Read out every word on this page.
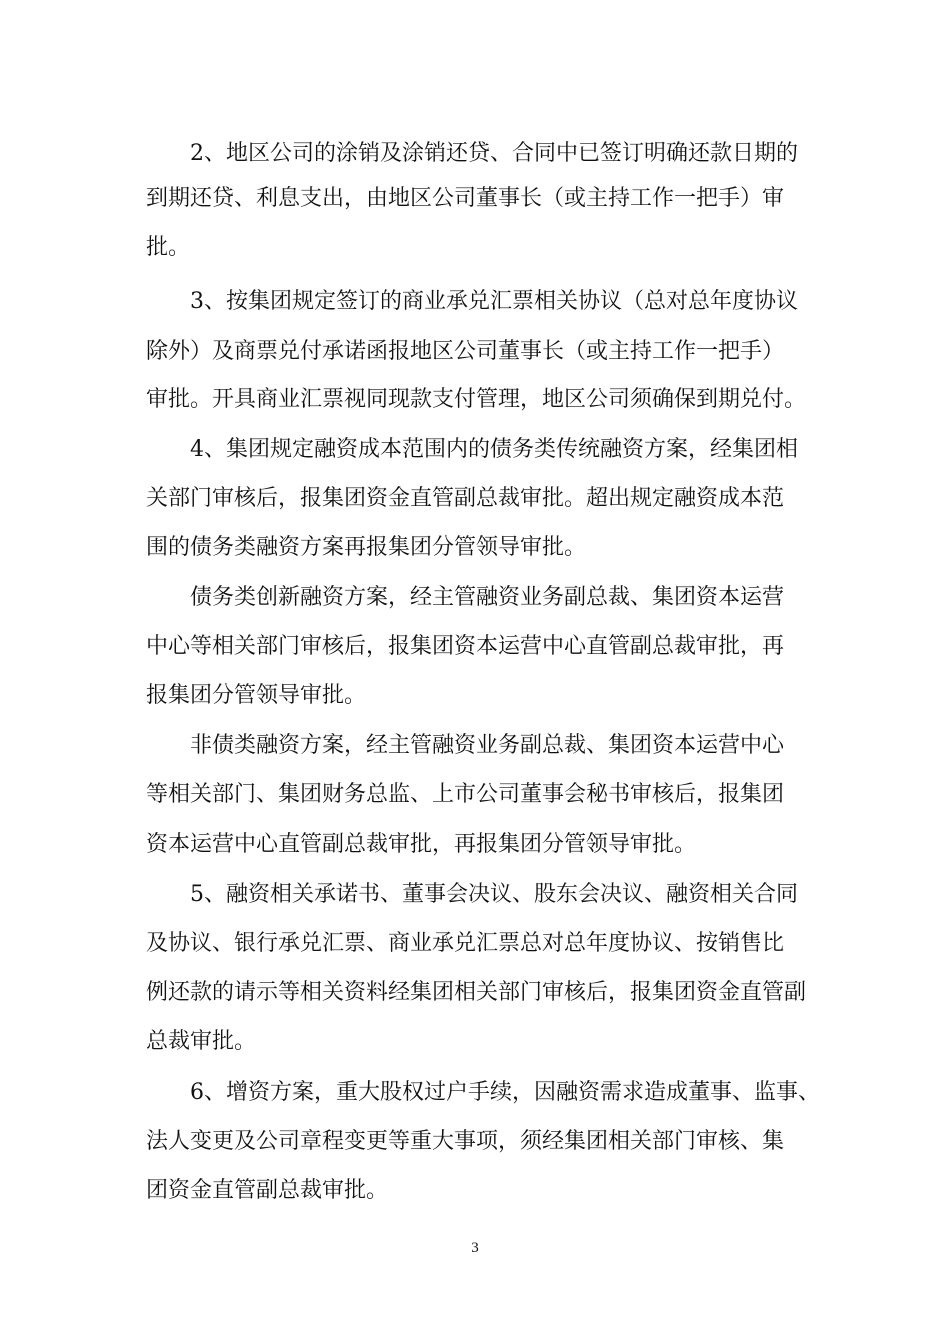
2、地区公司的涂销及涂销还贷、合同中已签订明确还款日期的
到期还贷、利息支出，由地区公司董事长（或主持工作一把手）审
批。
3、按集团规定签订的商业承兑汇票相关协议（总对总年度协议
除外）及商票兑付承诺函报地区公司董事长（或主持工作一把手）
审批。开具商业汇票视同现款支付管理，地区公司须确保到期兑付。
4、集团规定融资成本范围内的债务类传统融资方案，经集团相
关部门审核后，报集团资金直管副总裁审批。超出规定融资成本范
围的债务类融资方案再报集团分管领导审批。
债务类创新融资方案，经主管融资业务副总裁、集团资本运营
中心等相关部门审核后，报集团资本运营中心直管副总裁审批，再
报集团分管领导审批。
非债类融资方案，经主管融资业务副总裁、集团资本运营中心
等相关部门、集团财务总监、上市公司董事会秘书审核后，报集团
资本运营中心直管副总裁审批，再报集团分管领导审批。
5、融资相关承诺书、董事会决议、股东会决议、融资相关合同
及协议、银行承兑汇票、商业承兑汇票总对总年度协议、按销售比
例还款的请示等相关资料经集团相关部门审核后，报集团资金直管副
总裁审批。
6、增资方案，重大股权过户手续，因融资需求造成董事、监事、
法人变更及公司章程变更等重大事项，须经集团相关部门审核、集
团资金直管副总裁审批。
3
